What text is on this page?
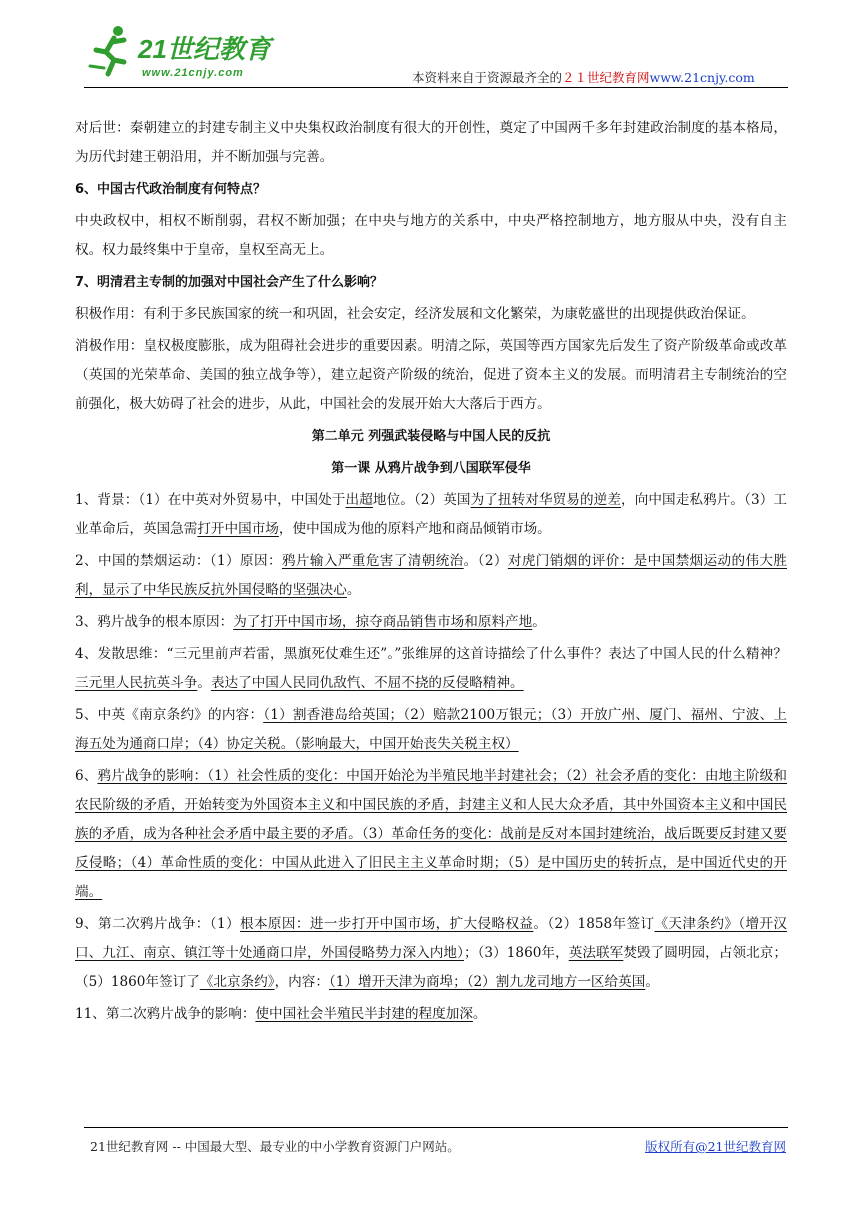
21世纪教育
www.21cnjy.com	本资料来自于资源最齐全的２１世纪教育网www.21cnjy.com

对后世：秦朝建立的封建专制主义中央集权政治制度有很大的开创性，奠定了中国两千多年封建政治制度的基本格局，为历代封建王朝沿用，并不断加强与完善。

6、中国古代政治制度有何特点？

中央政权中，相权不断削弱，君权不断加强；在中央与地方的关系中，中央严格控制地方，地方服从中央，没有自主权。权力最终集中于皇帝，皇权至高无上。

7、明清君主专制的加强对中国社会产生了什么影响？

积极作用：有利于多民族国家的统一和巩固，社会安定，经济发展和文化繁荣，为康乾盛世的出现提供政治保证。

消极作用：皇权极度膨胀，成为阻碍社会进步的重要因素。明清之际，英国等西方国家先后发生了资产阶级革命或改革（英国的光荣革命、美国的独立战争等），建立起资产阶级的统治，促进了资本主义的发展。而明清君主专制统治的空前强化，极大妨碍了社会的进步，从此，中国社会的发展开始大大落后于西方。

第二单元 列强武装侵略与中国人民的反抗

第一课 从鸦片战争到八国联军侵华

1、背景：（1）在中英对外贸易中，中国处于出超地位。（2）英国为了扭转对华贸易的逆差，向中国走私鸦片。（3）工业革命后，英国急需打开中国市场，使中国成为他的原料产地和商品倾销市场。

2、中国的禁烟运动：（1）原因：鸦片输入严重危害了清朝统治。（2）对虎门销烟的评价：是中国禁烟运动的伟大胜利，显示了中华民族反抗外国侵略的坚强决心。

3、鸦片战争的根本原因：为了打开中国市场，掠夺商品销售市场和原料产地。

4、发散思维：“三元里前声若雷，黑旗死仗难生还”。”张维屏的这首诗描绘了什么事件？表达了中国人民的什么精神？三元里人民抗英斗争。表达了中国人民同仇敌忾、不屈不挠的反侵略精神。

5、中英《南京条约》的内容：（1）割香港岛给英国；（2）赔款2100万银元；（3）开放广州、厦门、福州、宁波、上海五处为通商口岸；（4）协定关税。（影响最大，中国开始丧失关税主权）

6、鸦片战争的影响：（1）社会性质的变化：中国开始沦为半殖民地半封建社会；（2）社会矛盾的变化：由地主阶级和农民阶级的矛盾，开始转变为外国资本主义和中国民族的矛盾，封建主义和人民大众矛盾，其中外国资本主义和中国民族的矛盾，成为各种社会矛盾中最主要的矛盾。（3）革命任务的变化：战前是反对本国封建统治，战后既要反封建又要反侵略；（4）革命性质的变化：中国从此进入了旧民主主义革命时期；（5）是中国历史的转折点，是中国近代史的开端。

9、第二次鸦片战争：（1）根本原因：进一步打开中国市场，扩大侵略权益。（2）1858年签订《天津条约》（增开汉口、九江、南京、镇江等十处通商口岸，外国侵略势力深入内地）；（3）1860年，英法联军焚毁了圆明园，占领北京；（5）1860年签订了《北京条约》，内容：（1）增开天津为商埠；（2）割九龙司地方一区给英国。

11、第二次鸦片战争的影响：使中国社会半殖民半封建的程度加深。

21世纪教育网 -- 中国最大型、最专业的中小学教育资源门户网站。	版权所有@21世纪教育网
